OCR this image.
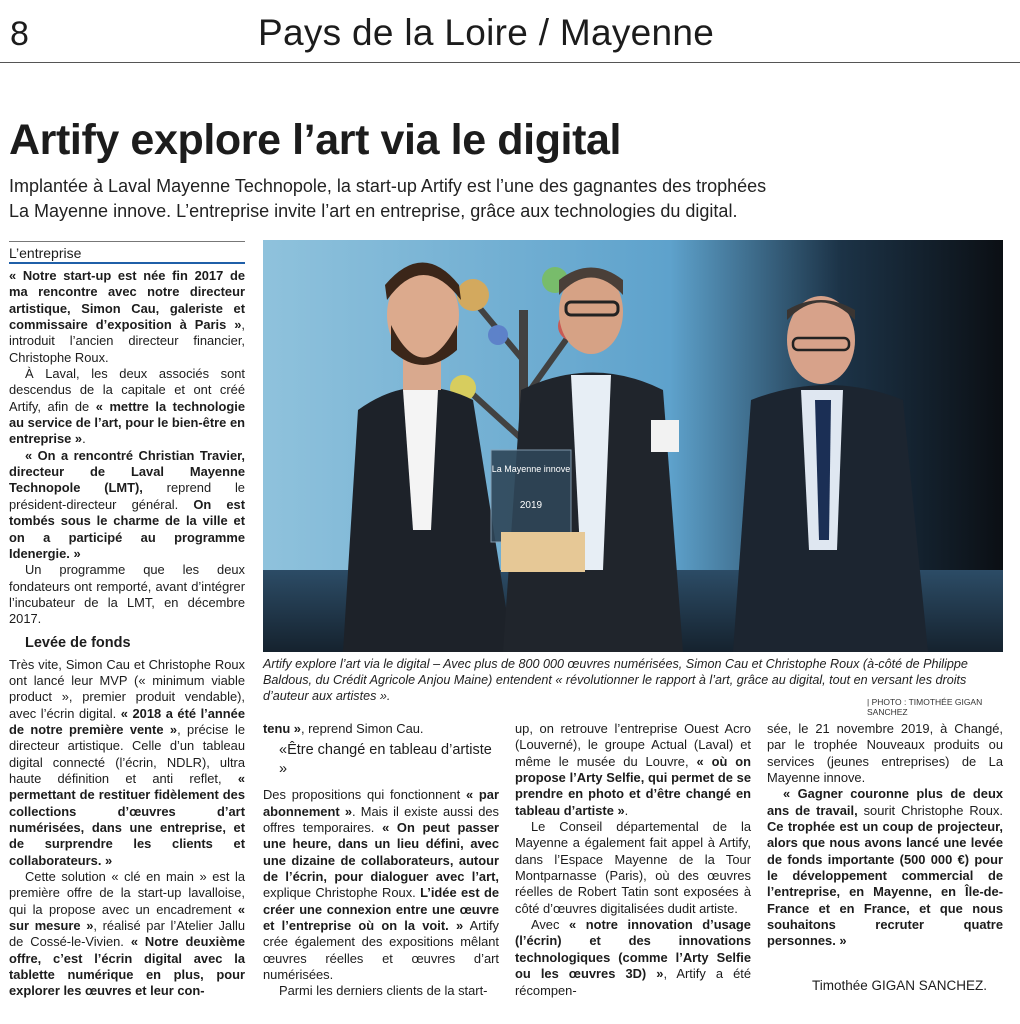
8	Pays de la Loire / Mayenne
Artify explore l’art via le digital
Implantée à Laval Mayenne Technopole, la start-up Artify est l’une des gagnantes des trophées
La Mayenne innove. L’entreprise invite l’art en entreprise, grâce aux technologies du digital.
L’entreprise

« Notre start-up est née fin 2017 de ma rencontre avec notre directeur artistique, Simon Cau, galeriste et commissaire d’exposition à Paris », introduit l’ancien directeur financier, Christophe Roux.

À Laval, les deux associés sont descendus de la capitale et ont créé Artify, afin de « mettre la technologie au service de l’art, pour le bien-être en entreprise ».

« On a rencontré Christian Travier, directeur de Laval Mayenne Technopole (LMT), reprend le président-directeur général. On est tombés sous le charme de la ville et on a participé au programme Idenergie. »

Un programme que les deux fondateurs ont remporté, avant d’intégrer l’incubateur de la LMT, en décembre 2017.

Levée de fonds

Très vite, Simon Cau et Christophe Roux ont lancé leur MVP (« minimum viable product », premier produit vendable), avec l’écrin digital. « 2018 a été l’année de notre première vente », précise le directeur artistique. Celle d’un tableau digital connecté (l’écrin, NDLR), ultra haute définition et anti reflet, « permettant de restituer fidèlement des collections d’œuvres d’art numérisées, dans une entreprise, et de surprendre les clients et collaborateurs. »

Cette solution « clé en main » est la première offre de la start-up lavalloise, qui la propose avec un encadrement « sur mesure », réalisé par l’Atelier Jallu de Cossé-le-Vivien. « Notre deuxième offre, c’est l’écrin digital avec la tablette numérique en plus, pour explorer les œuvres et leur con-

La Mayenne innove
2019
Artify explore l’art via le digital – Avec plus de 800 000 œuvres numérisées, Simon Cau et Christophe Roux (à-côté de Philippe Baldous, du Crédit Agricole Anjou Maine) entendent « révolutionner le rapport à l’art, grâce au digital, tout en versant les droits d’auteur aux artistes ».	| PHOTO : TIMOTHÉE GIGAN SANCHEZ

tenu », reprend Simon Cau.

«Être changé en tableau d’artiste »

Des propositions qui fonctionnent « par abonnement ». Mais il existe aussi des offres temporaires. « On peut passer une heure, dans un lieu défini, avec une dizaine de collaborateurs, autour de l’écrin, pour dialoguer avec l’art, explique Christophe Roux. L’idée est de créer une connexion entre une œuvre et l’entreprise où on la voit. » Artify crée également des expositions mêlant œuvres réelles et œuvres d’art numérisées.

Parmi les derniers clients de la start-

up, on retrouve l’entreprise Ouest Acro (Louverné), le groupe Actual (Laval) et même le musée du Louvre, « où on propose l’Arty Selfie, qui permet de se prendre en photo et d’être changé en tableau d’artiste ».

Le Conseil départemental de la Mayenne a également fait appel à Artify, dans l’Espace Mayenne de la Tour Montparnasse (Paris), où des œuvres réelles de Robert Tatin sont exposées à côté d’œuvres digitalisées dudit artiste.

Avec « notre innovation d’usage (l’écrin) et des innovations technologiques (comme l’Arty Selfie ou les œuvres 3D) », Artify a été récompen-

sée, le 21 novembre 2019, à Changé, par le trophée Nouveaux produits ou services (jeunes entreprises) de La Mayenne innove.

« Gagner couronne plus de deux ans de travail, sourit Christophe Roux. Ce trophée est un coup de projecteur, alors que nous avons lancé une levée de fonds importante (500 000 €) pour le développement commercial de l’entreprise, en Mayenne, en Île-de-France et en France, et que nous souhaitons recruter quatre personnes. »

Timothée GIGAN SANCHEZ.
